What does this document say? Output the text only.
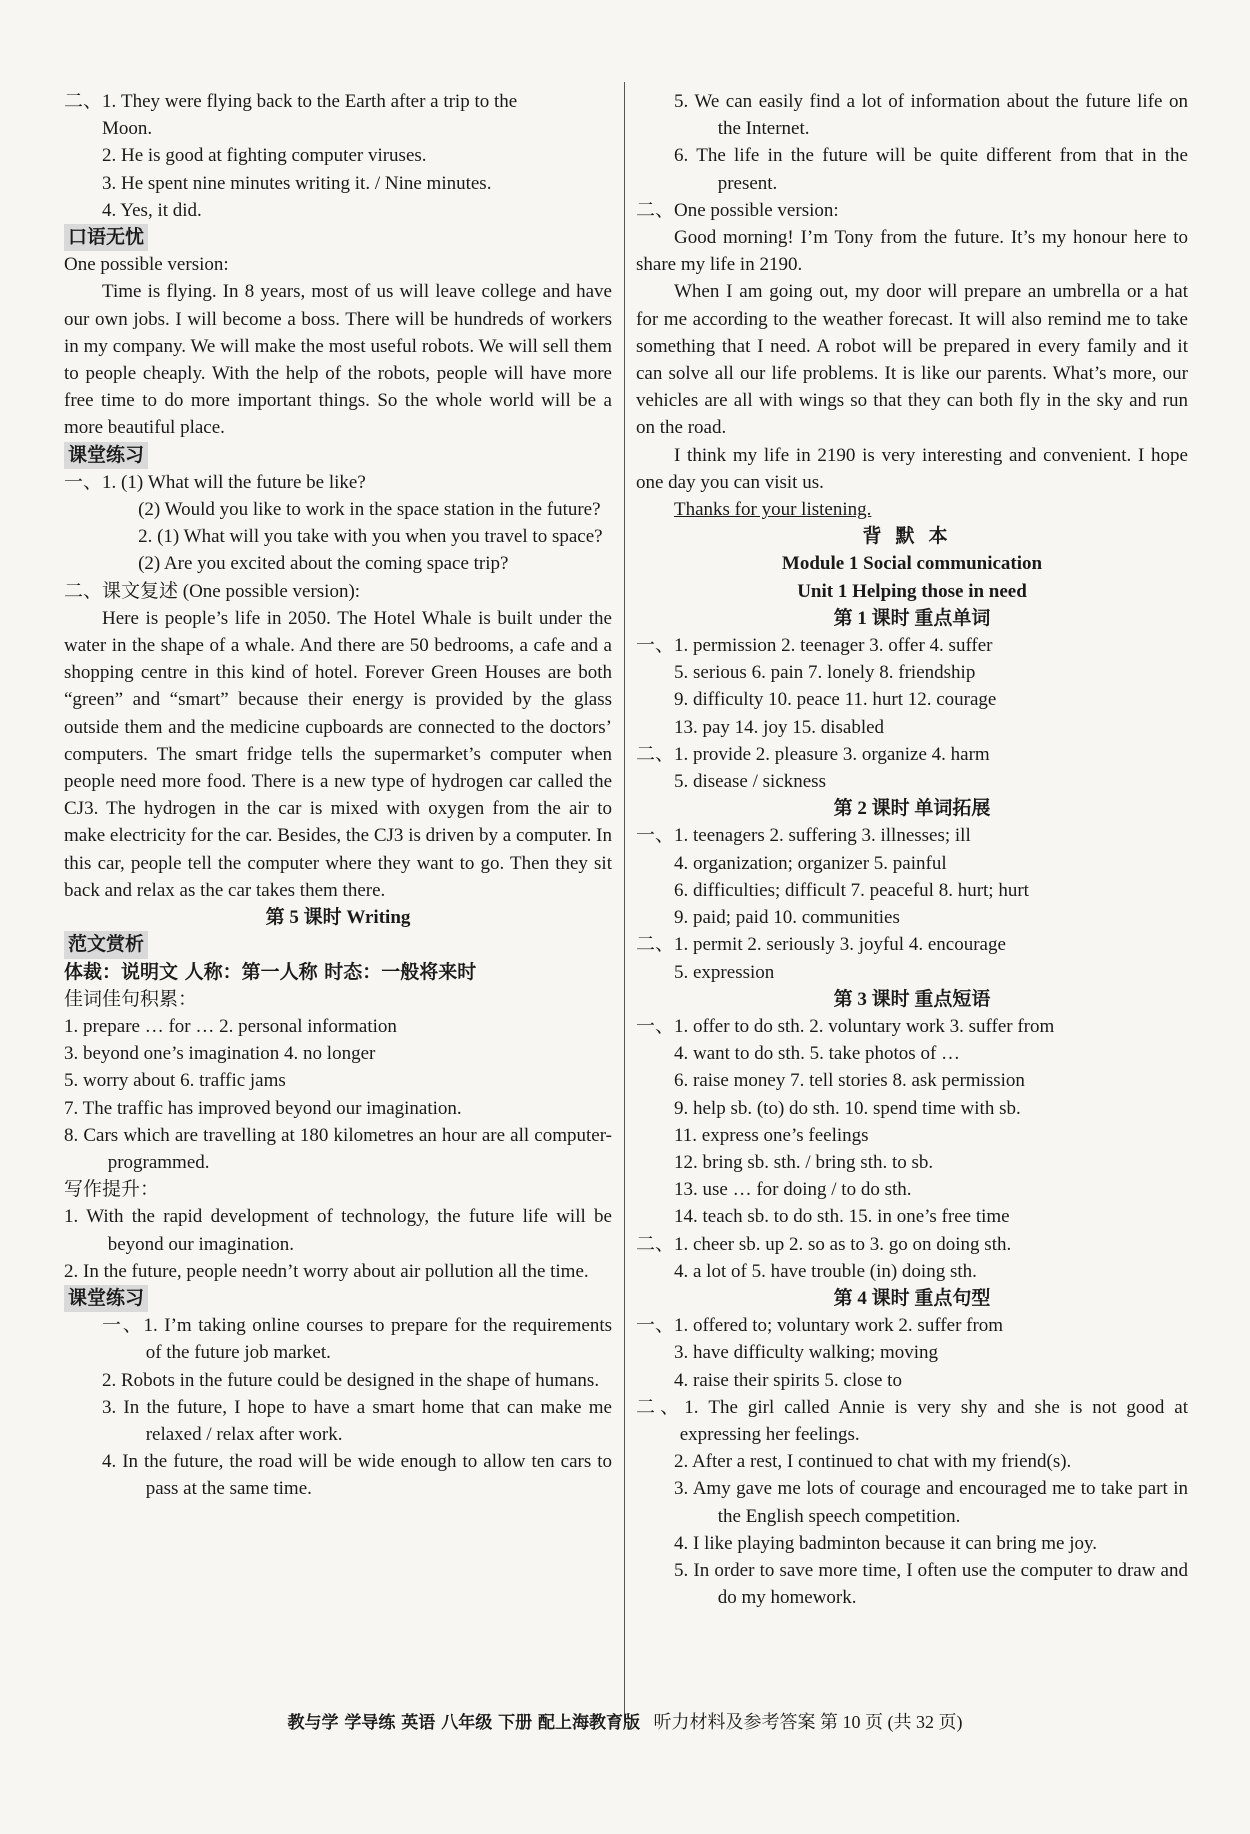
二、1. They were flying back to the Earth after a trip to the

Moon.

2. He is good at fighting computer viruses.

3. He spent nine minutes writing it. / Nine minutes.

4. Yes, it did.

口语无忧

One possible version:

Time is flying. In 8 years, most of us will leave college and have our own jobs. I will become a boss. There will be hundreds of workers in my company. We will make the most useful robots. We will sell them to people cheaply. With the help of the robots, people will have more free time to do more important things. So the whole world will be a more beautiful place.

课堂练习

一、1. (1) What will the future be like?

(2) Would you like to work in the space station in the future?

2. (1) What will you take with you when you travel to space?

(2) Are you excited about the coming space trip?

二、课文复述 (One possible version):

Here is people’s life in 2050. The Hotel Whale is built under the water in the shape of a whale. And there are 50 bedrooms, a cafe and a shopping centre in this kind of hotel. Forever Green Houses are both “green” and “smart” because their energy is provided by the glass outside them and the medicine cupboards are connected to the doctors’ computers. The smart fridge tells the supermarket’s computer when people need more food. There is a new type of hydrogen car called the CJ3. The hydrogen in the car is mixed with oxygen from the air to make electricity for the car. Besides, the CJ3 is driven by a computer. In this car, people tell the computer where they want to go. Then they sit back and relax as the car takes them there.

第 5 课时 Writing

范文赏析

体裁：说明文 人称：第一人称 时态：一般将来时

佳词佳句积累：

1. prepare … for … 2. personal information

3. beyond one’s imagination 4. no longer

5. worry about 6. traffic jams

7. The traffic has improved beyond our imagination.

8. Cars which are travelling at 180 kilometres an hour are all computer-programmed.

写作提升：

1. With the rapid development of technology, the future life will be beyond our imagination.

2. In the future, people needn’t worry about air pollution all the time.

课堂练习

一、1. I’m taking online courses to prepare for the requirements of the future job market.

2. Robots in the future could be designed in the shape of humans.

3. In the future, I hope to have a smart home that can make me relaxed / relax after work.

4. In the future, the road will be wide enough to allow ten cars to pass at the same time.

5. We can easily find a lot of information about the future life on the Internet.

6. The life in the future will be quite different from that in the present.

二、One possible version:

Good morning! I’m Tony from the future. It’s my honour here to share my life in 2190.

When I am going out, my door will prepare an umbrella or a hat for me according to the weather forecast. It will also remind me to take something that I need. A robot will be prepared in every family and it can solve all our life problems. It is like our parents. What’s more, our vehicles are all with wings so that they can both fly in the sky and run on the road.

I think my life in 2190 is very interesting and convenient. I hope one day you can visit us.

Thanks for your listening.

背默本

Module 1 Social communication

Unit 1 Helping those in need

第 1 课时 重点单词

一、1. permission 2. teenager 3. offer 4. suffer

5. serious 6. pain 7. lonely 8. friendship

9. difficulty 10. peace 11. hurt 12. courage

13. pay 14. joy 15. disabled

二、1. provide 2. pleasure 3. organize 4. harm

5. disease / sickness

第 2 课时 单词拓展

一、1. teenagers 2. suffering 3. illnesses; ill

4. organization; organizer 5. painful

6. difficulties; difficult 7. peaceful 8. hurt; hurt

9. paid; paid 10. communities

二、1. permit 2. seriously 3. joyful 4. encourage

5. expression

第 3 课时 重点短语

一、1. offer to do sth. 2. voluntary work 3. suffer from

4. want to do sth. 5. take photos of …

6. raise money 7. tell stories 8. ask permission

9. help sb. (to) do sth. 10. spend time with sb.

11. express one’s feelings

12. bring sb. sth. / bring sth. to sb.

13. use … for doing / to do sth.

14. teach sb. to do sth. 15. in one’s free time

二、1. cheer sb. up 2. so as to 3. go on doing sth.

4. a lot of 5. have trouble (in) doing sth.

第 4 课时 重点句型

一、1. offered to; voluntary work 2. suffer from

3. have difficulty walking; moving

4. raise their spirits 5. close to

二、1. The girl called Annie is very shy and she is not good at expressing her feelings.

2. After a rest, I continued to chat with my friend(s).

3. Amy gave me lots of courage and encouraged me to take part in the English speech competition.

4. I like playing badminton because it can bring me joy.

5. In order to save more time, I often use the computer to draw and do my homework.

教与学 学导练 英语 八年级 下册 配上海教育版 听力材料及参考答案 第 10 页 (共 32 页)
